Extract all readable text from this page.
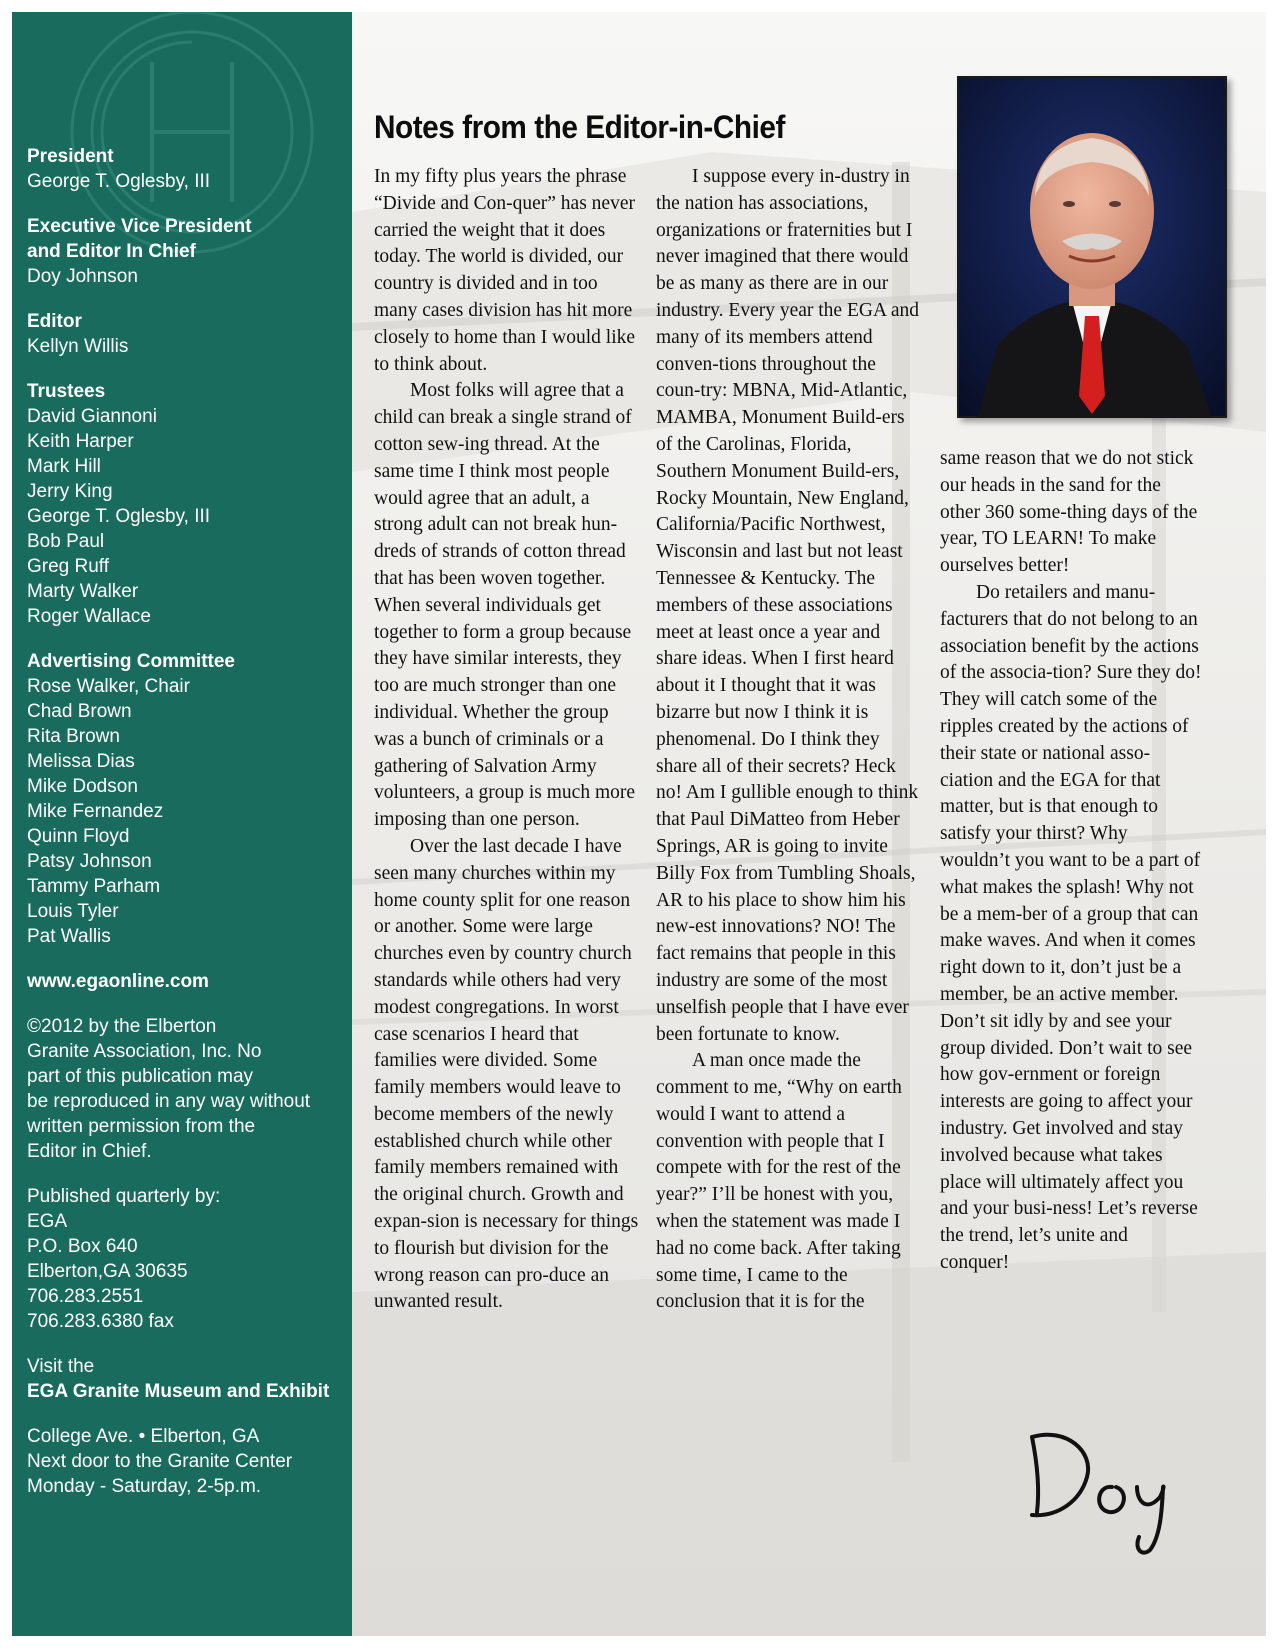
President

George T. Oglesby, III

Executive Vice President

and Editor In Chief

Doy Johnson

Editor

Kellyn Willis

Trustees

David Giannoni

Keith Harper

Mark Hill

Jerry King

George T. Oglesby, III

Bob Paul

Greg Ruff

Marty Walker

Roger Wallace

Advertising Committee

Rose Walker, Chair

Chad Brown

Rita Brown

Melissa Dias

Mike Dodson

Mike Fernandez

Quinn Floyd

Patsy Johnson

Tammy Parham

Louis Tyler

Pat Wallis

www.egaonline.com

©2012 by the Elberton

Granite Association, Inc. No

part of this publication may

be reproduced in any way without

written permission from the

Editor in Chief.

Published quarterly by:

EGA

P.O. Box 640

Elberton,GA 30635

706.283.2551

706.283.6380 fax

Visit the

EGA Granite Museum and Exhibit

College Ave. • Elberton, GA

Next door to the Granite Center

Monday - Saturday, 2-5p.m.

Notes from the Editor-in-Chief

In my fifty plus years the phrase “Divide and Con-quer” has never carried the weight that it does today. The world is divided, our country is divided and in too many cases division has hit more closely to home than I would like to think about.

Most folks will agree that a child can break a single strand of cotton sew-ing thread. At the same time I think most people would agree that an adult, a strong adult can not break hun-dreds of strands of cotton thread that has been woven together. When several individuals get together to form a group because they have similar interests, they too are much stronger than one individual. Whether the group was a bunch of criminals or a gathering of Salvation Army volunteers, a group is much more imposing than one person.

Over the last decade I have seen many churches within my home county split for one reason or another. Some were large churches even by country church standards while others had very modest congregations. In worst case scenarios I heard that families were divided. Some family members would leave to become members of the newly established church while other family members remained with the original church. Growth and expan-sion is necessary for things to flourish but division for the wrong reason can pro-duce an unwanted result.

I suppose every in-dustry in the nation has associations, organizations or fraternities but I never imagined that there would be as many as there are in our industry. Every year the EGA and many of its members attend conven-tions throughout the coun-try: MBNA, Mid-Atlantic, MAMBA, Monument Build-ers of the Carolinas, Florida, Southern Monument Build-ers, Rocky Mountain, New England, California/Pacific Northwest, Wisconsin and last but not least Tennessee & Kentucky. The members of these associations meet at least once a year and share ideas. When I first heard about it I thought that it was bizarre but now I think it is phenomenal. Do I think they share all of their secrets? Heck no! Am I gullible enough to think that Paul DiMatteo from Heber Springs, AR is going to invite Billy Fox from Tumbling Shoals, AR to his place to show him his new-est innovations? NO! The fact remains that people in this industry are some of the most unselfish people that I have ever been fortunate to know.

A man once made the comment to me, “Why on earth would I want to attend a convention with people that I compete with for the rest of the year?” I’ll be honest with you, when the statement was made I had no come back. After taking some time, I came to the conclusion that it is for the

same reason that we do not stick our heads in the sand for the other 360 some-thing days of the year, TO LEARN! To make ourselves better!

Do retailers and manu-facturers that do not belong to an association benefit by the actions of the associa-tion? Sure they do! They will catch some of the ripples created by the actions of their state or national asso-ciation and the EGA for that matter, but is that enough to satisfy your thirst? Why wouldn’t you want to be a part of what makes the splash! Why not be a mem-ber of a group that can make waves. And when it comes right down to it, don’t just be a member, be an active member. Don’t sit idly by and see your group divided. Don’t wait to see how gov-ernment or foreign interests are going to affect your industry. Get involved and stay involved because what takes place will ultimately affect you and your busi-ness! Let’s reverse the trend, let’s unite and conquer!
